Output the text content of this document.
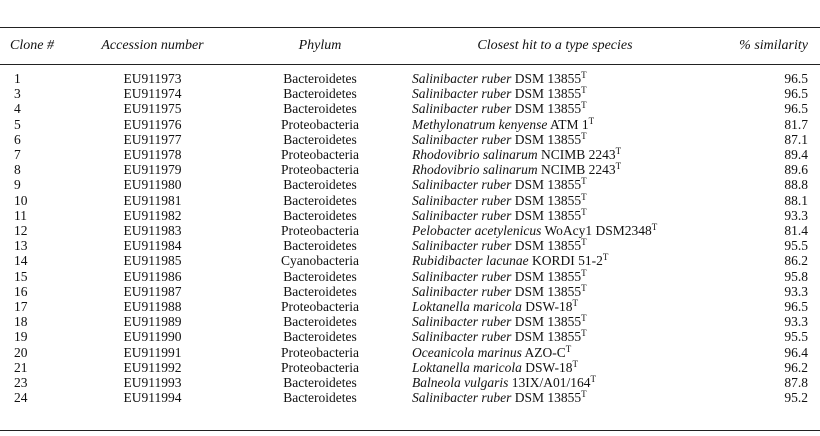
Clone #	Accession number	Phylum	Closest hit to a type species	% similarity
1	EU911973	Bacteroidetes	Salinibacter ruber DSM $13855^T$	96.5
3	EU911974	Bacteroidetes	Salinibacter ruber DSM $13855^T$	96.5
4	EU911975	Bacteroidetes	Salinibacter ruber DSM $13855^T$	96.5
5	EU911976	Proteobacteria	Methylonatrum kenyense ATM $1^T$	81.7
6	EU911977	Bacteroidetes	Salinibacter ruber DSM $13855^T$	87.1
7	EU911978	Proteobacteria	Rhodovibrio salinarum NCIMB $2243^T$	89.4
8	EU911979	Proteobacteria	Rhodovibrio salinarum NCIMB $2243^T$	89.6
9	EU911980	Bacteroidetes	Salinibacter ruber DSM $13855^T$	88.8
10	EU911981	Bacteroidetes	Salinibacter ruber DSM $13855^T$	88.1
11	EU911982	Bacteroidetes	Salinibacter ruber DSM $13855^T$	93.3
12	EU911983	Proteobacteria	Pelobacter acetylenicus WoAcy1 $DSM2348^T$	81.4
13	EU911984	Bacteroidetes	Salinibacter ruber DSM $13855^T$	95.5
14	EU911985	Cyanobacteria	Rubidibacter lacunae KORDI $51-2^T$	86.2
15	EU911986	Bacteroidetes	Salinibacter ruber DSM $13855^T$	95.8
16	EU911987	Bacteroidetes	Salinibacter ruber DSM $13855^T$	93.3
17	EU911988	Proteobacteria	Loktanella maricola DSW-$18^T$	96.5
18	EU911989	Bacteroidetes	Salinibacter ruber DSM $13855^T$	93.3
19	EU911990	Bacteroidetes	Salinibacter ruber DSM $13855^T$	95.5
20	EU911991	Proteobacteria	Oceanicola marinus AZO-$C^T$	96.4
21	EU911992	Proteobacteria	Loktanella maricola DSW-$18^T$	96.2
23	EU911993	Bacteroidetes	Balneola vulgaris $13IX/A01/164^T$	87.8
24	EU911994	Bacteroidetes	Salinibacter ruber DSM $13855^T$	95.2
